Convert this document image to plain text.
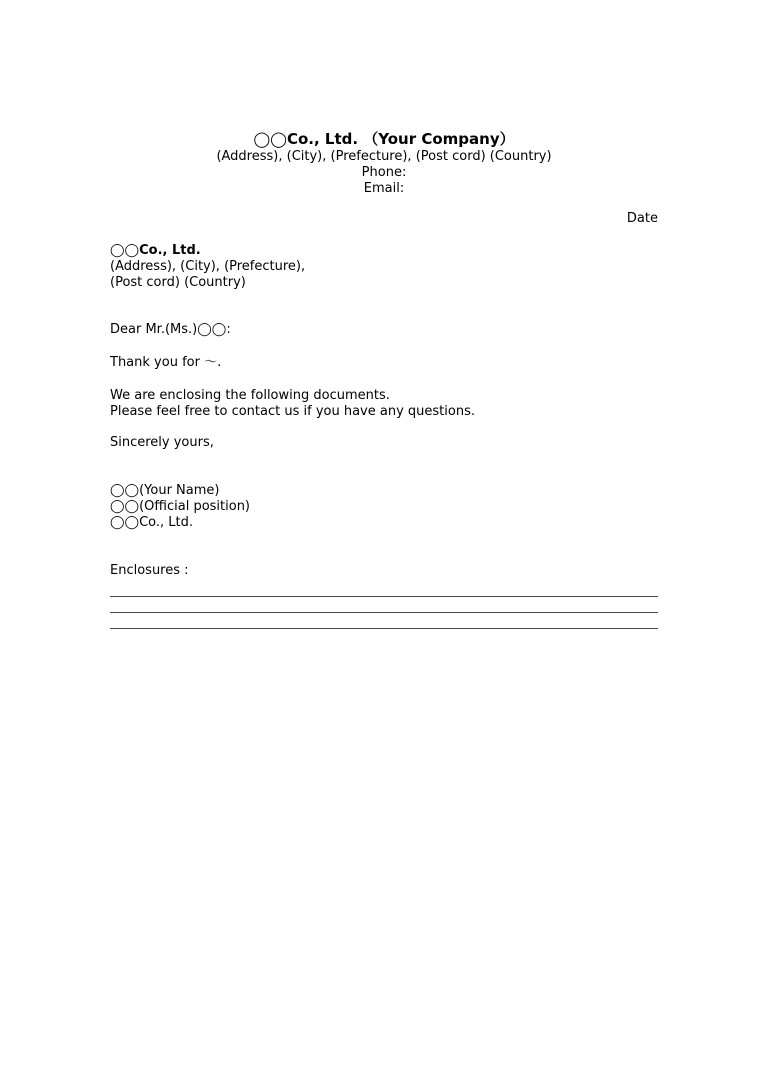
◯◯Co., Ltd. （Your Company）
(Address), (City), (Prefecture), (Post cord) (Country)
Phone:
Email:
Date
◯◯Co., Ltd.
(Address), (City), (Prefecture),
(Post cord) (Country)
Dear Mr.(Ms.)◯◯:
Thank you for ～.
We are enclosing the following documents.
Please feel free to contact us if you have any questions.
Sincerely yours,
◯◯(Your Name)
◯◯(Official position)
◯◯Co., Ltd.
Enclosures :
